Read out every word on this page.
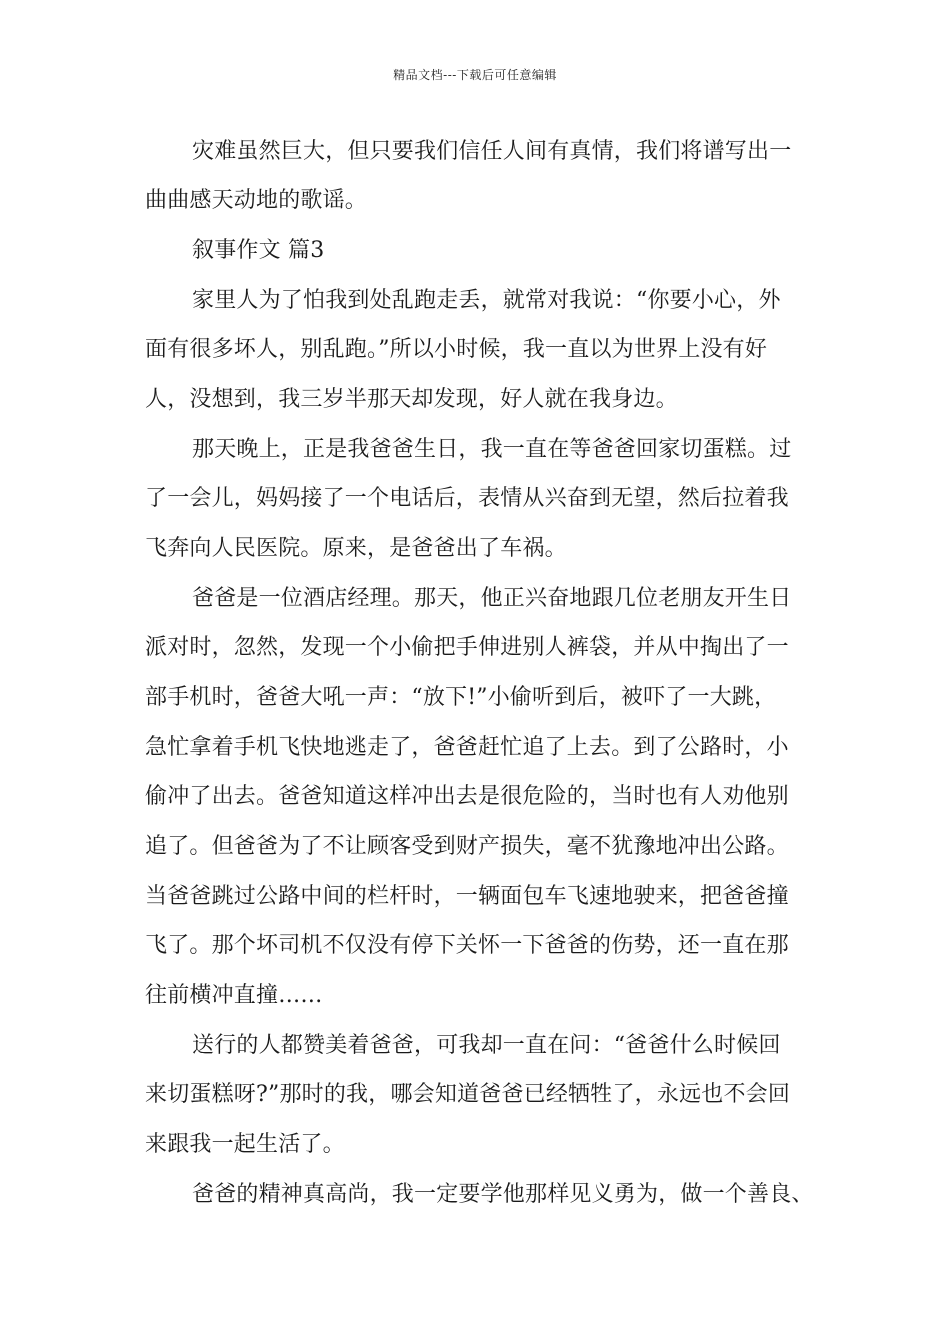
精品文档---下载后可任意编辑
灾难虽然巨大，但只要我们信任人间有真情，我们将谱写出一
曲曲感天动地的歌谣。
叙事作文 篇3
家里人为了怕我到处乱跑走丢，就常对我说：“你要小心，外
面有很多坏人，别乱跑。”所以小时候，我一直以为世界上没有好
人，没想到，我三岁半那天却发现，好人就在我身边。
那天晚上，正是我爸爸生日，我一直在等爸爸回家切蛋糕。过
了一会儿，妈妈接了一个电话后，表情从兴奋到无望，然后拉着我
飞奔向人民医院。原来，是爸爸出了车祸。
爸爸是一位酒店经理。那天，他正兴奋地跟几位老朋友开生日
派对时，忽然，发现一个小偷把手伸进别人裤袋，并从中掏出了一
部手机时，爸爸大吼一声：“放下!”小偷听到后，被吓了一大跳，
急忙拿着手机飞快地逃走了，爸爸赶忙追了上去。到了公路时，小
偷冲了出去。爸爸知道这样冲出去是很危险的，当时也有人劝他别
追了。但爸爸为了不让顾客受到财产损失，毫不犹豫地冲出公路。
当爸爸跳过公路中间的栏杆时，一辆面包车飞速地驶来，把爸爸撞
飞了。那个坏司机不仅没有停下关怀一下爸爸的伤势，还一直在那
往前横冲直撞……
送行的人都赞美着爸爸，可我却一直在问：“爸爸什么时候回
来切蛋糕呀?”那时的我，哪会知道爸爸已经牺牲了，永远也不会回
来跟我一起生活了。
爸爸的精神真高尚，我一定要学他那样见义勇为，做一个善良、
